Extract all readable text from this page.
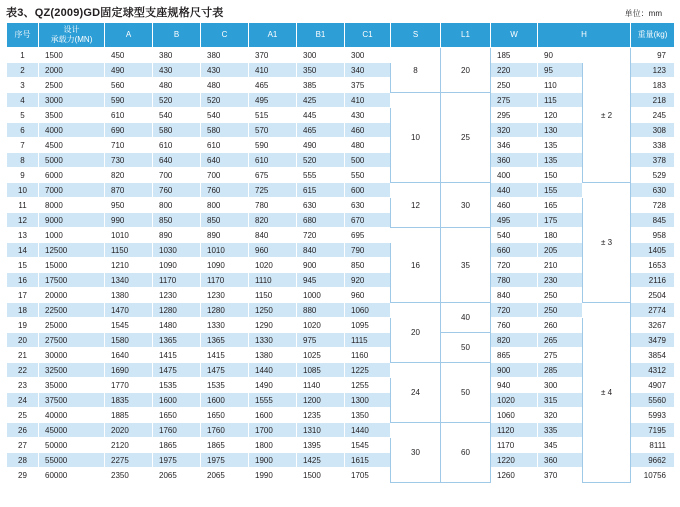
表3、QZ(2009)GD固定球型支座规格尺寸表	单位：mm
序号	设计
承载力(MN)	A	B	C	A1	B1	C1	S	L1	W	H		重量(kg)
1	1500	450	380	380	370	300	300	8	20	185	90	± 2	97
2	2000	490	430	430	410	350	340			220	95		123
3	2500	560	480	480	465	385	375			250	110		183
4	3000	590	520	520	495	425	410	10	25	275	115		218
5	3500	610	540	540	515	445	430			295	120		245
6	4000	690	580	580	570	465	460			320	130		308
7	4500	710	610	610	590	490	480			346	135		338
8	5000	730	640	640	610	520	500			360	135		378
9	6000	820	700	700	675	555	550			400	150		529
10	7000	870	760	760	725	615	600	12	30	440	155	± 3	630
11	8000	950	800	800	780	630	630			460	165		728
12	9000	990	850	850	820	680	670			495	175		845
13	1000	1010	890	890	840	720	695	16	35	540	180		958
14	12500	1150	1030	1010	960	840	790			660	205		1405
15	15000	1210	1090	1090	1020	900	850			720	210		1653
16	17500	1340	1170	1170	1110	945	920			780	230		2116
17	20000	1380	1230	1230	1150	1000	960			840	250		2504
18	22500	1470	1280	1280	1250	880	1060	20	40	720	250	± 4	2774
19	25000	1545	1480	1330	1290	1020	1095			760	260		3267
20	27500	1580	1365	1365	1330	975	1115		50	820	265		3479
21	30000	1640	1415	1415	1380	1025	1160			865	275		3854
22	32500	1690	1475	1475	1440	1085	1225	24	50	900	285		4312
23	35000	1770	1535	1535	1490	1140	1255			940	300		4907
24	37500	1835	1600	1600	1555	1200	1300			1020	315		5560
25	40000	1885	1650	1650	1600	1235	1350			1060	320		5993
26	45000	2020	1760	1760	1700	1310	1440	30	60	1120	335		7195
27	50000	2120	1865	1865	1800	1395	1545			1170	345		8111
28	55000	2275	1975	1975	1900	1425	1615			1220	360		9662
29	60000	2350	2065	2065	1990	1500	1705			1260	370		10756
